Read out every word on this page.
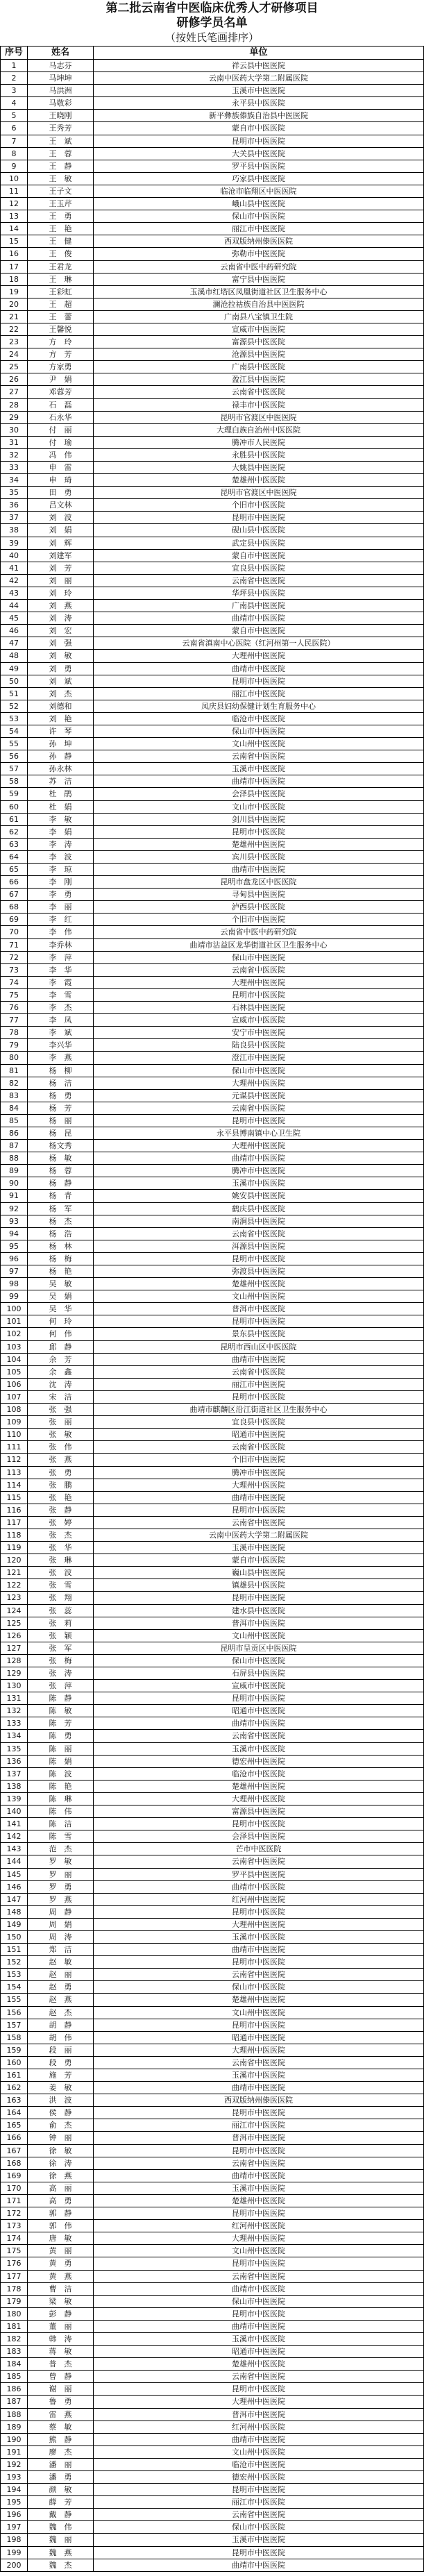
第二批云南省中医临床优秀人才研修项目
研修学员名单
（按姓氏笔画排序）
序号	姓名	单位
1	马志芬	祥云县中医医院
2	马坤坤	云南中医药大学第二附属医院
3	马洪洲	玉溪市中医医院
4	马敬彩	永平县中医医院
5	王晓刚	新平彝族傣族自治县中医医院
6	王秀芳	蒙自市中医医院
7	王　斌	昆明市中医医院
8	王　蓉	大关县中医医院
9	王　静	罗平县中医医院
10	王　敏	巧家县中医医院
11	王子文	临沧市临翔区中医医院
12	王玉芹	峨山县中医医院
13	王　勇	保山市中医医院
14	王　艳	丽江市中医医院
15	王　健	西双版纳州傣医医院
16	王　俊	弥勒市中医医院
17	王君龙	云南省中医中药研究院
18	王　琳	富宁县中医医院
19	王彩虹	玉溪市红塔区凤凰街道社区卫生服务中心
20	王　超	澜沧拉祜族自治县中医医院
21	王　蕾	广南县八宝镇卫生院
22	王馨悦	宣威市中医医院
23	方　玲	富源县中医医院
24	方　芳	沧源县中医医院
25	方家勇	广南县中医医院
26	尹　娟	盈江县中医医院
27	邓蓉芳	云南省中医医院
28	石　磊	禄丰市中医医院
29	石永华	昆明市官渡区中医医院
30	付　丽	大理白族自治州中医医院
31	付　瑜	腾冲市人民医院
32	冯　伟	永胜县中医医院
33	申　雷	大姚县中医医院
34	申　琦	楚雄州中医医院
35	田　勇	昆明市官渡区中医医院
36	吕文林	个旧市中医医院
37	刘　波	昆明市中医医院
38	刘　娟	砚山县中医医院
39	刘　辉	武定县中医医院
40	刘建军	蒙自市中医医院
41	刘　芳	宜良县中医医院
42	刘　丽	云南省中医医院
43	刘　玲	华坪县中医医院
44	刘　燕	广南县中医医院
45	刘　涛	曲靖市中医医院
46	刘　宏	蒙自市中医医院
47	刘　强	云南省滇南中心医院（红河州第一人民医院）
48	刘　敏	大理州中医医院
49	刘　勇	曲靖市中医医院
50	刘　斌	昆明市中医医院
51	刘　杰	丽江市中医医院
52	刘德和	凤庆县妇幼保健计划生育服务中心
53	刘　艳	临沧市中医医院
54	许　琴	保山市中医医院
55	孙　坤	文山州中医医院
56	孙　静	云南省中医医院
57	孙永林	玉溪市中医医院
58	苏　洁	曲靖市中医医院
59	杜　鹃	会泽县中医医院
60	杜　娟	文山市中医医院
61	李　敏	剑川县中医医院
62	李　娟	昆明市中医医院
63	李　涛	楚雄州中医医院
64	李　波	宾川县中医医院
65	李　琼	曲靖市中医医院
66	李　刚	昆明市盘龙区中医医院
67	李　勇	寻甸县中医医院
68	李　丽	泸西县中医医院
69	李　红	个旧市中医医院
70	李　伟	云南省中医中药研究院
71	李乔林	曲靖市沾益区龙华街道社区卫生服务中心
72	李　萍	保山市中医医院
73	李　华	云南省中医医院
74	李　霞	大理州中医医院
75	李　雪	昆明市中医医院
76	李　杰	石林县中医医院
77	李　凤	宣威市中医医院
78	李　斌	安宁市中医医院
79	李兴华	陆良县中医医院
80	李　燕	澄江市中医医院
81	杨　柳	保山市中医医院
82	杨　洁	大理州中医医院
83	杨　勇	元谋县中医医院
84	杨　芳	云南省中医医院
85	杨　丽	昆明市中医医院
86	杨　昆	永平县博南镇中心卫生院
87	杨文秀	大理州中医医院
88	杨　敏	曲靖市中医医院
89	杨　蓉	腾冲市中医医院
90	杨　静	玉溪市中医医院
91	杨　青	姚安县中医医院
92	杨　军	鹤庆县中医医院
93	杨　杰	南涧县中医医院
94	杨　浩	云南省中医医院
95	杨　林	洱源县中医医院
96	杨　梅	昆明市中医医院
97	杨　艳	弥渡县中医医院
98	吴　敏	楚雄州中医医院
99	吴　娟	文山州中医医院
100	吴　华	普洱市中医医院
101	何　玲	昆明市中医医院
102	何　伟	景东县中医医院
103	邱　静	昆明市西山区中医医院
104	余　芳	曲靖市中医医院
105	余　鑫	云南省中医医院
106	沈　涛	丽江市中医医院
107	宋　洁	昆明市中医医院
108	张　强	曲靖市麒麟区沿江街道社区卫生服务中心
109	张　丽	宜良县中医医院
110	张　敏	昭通市中医医院
111	张　伟	云南省中医医院
112	张　燕	个旧市中医医院
113	张　勇	腾冲市中医医院
114	张　鹏	大理州中医医院
115	张　艳	曲靖市中医医院
116	张　静	昆明市中医医院
117	张　婷	云南省中医医院
118	张　杰	云南中医药大学第二附属医院
119	张　华	玉溪市中医医院
120	张　琳	蒙自市中医医院
121	张　波	巍山县中医医院
122	张　雪	镇雄县中医医院
123	张　翔	昆明市中医医院
124	张　蕊	建水县中医医院
125	张　莉	普洱市中医医院
126	张　颖	文山州中医医院
127	张　军	昆明市呈贡区中医医院
128	张　梅	保山市中医医院
129	张　涛	石屏县中医医院
130	张　萍	宣威市中医医院
131	陈　静	昆明市中医医院
132	陈　敏	昭通市中医医院
133	陈　芳	曲靖市中医医院
134	陈　勇	云南省中医医院
135	陈　丽	玉溪市中医医院
136	陈　娟	德宏州中医医院
137	陈　波	临沧市中医医院
138	陈　艳	楚雄州中医医院
139	陈　琳	大理州中医医院
140	陈　伟	富源县中医医院
141	陈　洁	昆明市中医医院
142	陈　雪	会泽县中医医院
143	范　杰	芒市中医医院
144	罗　敏	云南省中医医院
145	罗　丽	罗平县中医医院
146	罗　勇	曲靖市中医医院
147	罗　燕	红河州中医医院
148	周　静	昆明市中医医院
149	周　娟	大理州中医医院
150	周　涛	玉溪市中医医院
151	郑　洁	曲靖市中医医院
152	赵　敏	昆明市中医医院
153	赵　丽	云南省中医医院
154	赵　勇	保山市中医医院
155	赵　燕	楚雄州中医医院
156	赵　杰	文山州中医医院
157	胡　静	昆明市中医医院
158	胡　伟	昭通市中医医院
159	段　丽	大理州中医医院
160	段　勇	云南省中医医院
161	施　芳	玉溪市中医医院
162	姜　敏	曲靖市中医医院
163	洪　波	西双版纳州傣医医院
164	侯　静	昆明市中医医院
165	俞　杰	丽江市中医医院
166	钟　丽	普洱市中医医院
167	徐　敏	昆明市中医医院
168	徐　涛	云南省中医医院
169	徐　燕	曲靖市中医医院
170	高　丽	玉溪市中医医院
171	高　勇	楚雄州中医医院
172	郭　静	昆明市中医医院
173	郭　伟	红河州中医医院
174	唐　敏	大理州中医医院
175	黄　丽	文山州中医医院
176	黄　勇	昆明市中医医院
177	黄　燕	云南省中医医院
178	曹　洁	曲靖市中医医院
179	梁　敏	保山市中医医院
180	彭　静	昆明市中医医院
181	董　丽	曲靖市中医医院
182	韩　涛	玉溪市中医医院
183	蒋　敏	昭通市中医医院
184	普　杰	楚雄州中医医院
185	曾　静	云南省中医医院
186	谢　丽	昆明市中医医院
187	鲁　勇	大理州中医医院
188	雷　燕	普洱市中医医院
189	蔡　敏	红河州中医医院
190	熊　静	曲靖市中医医院
191	廖　杰	文山州中医医院
192	潘　丽	临沧市中医医院
193	潘　勇	德宏州中医医院
194	颜　敏	昆明市中医医院
195	薛　芳	丽江市中医医院
196	戴　静	云南省中医医院
197	魏　伟	保山市中医医院
198	魏　丽	玉溪市中医医院
199	魏　燕	昆明市中医医院
200	魏　杰	曲靖市中医医院
